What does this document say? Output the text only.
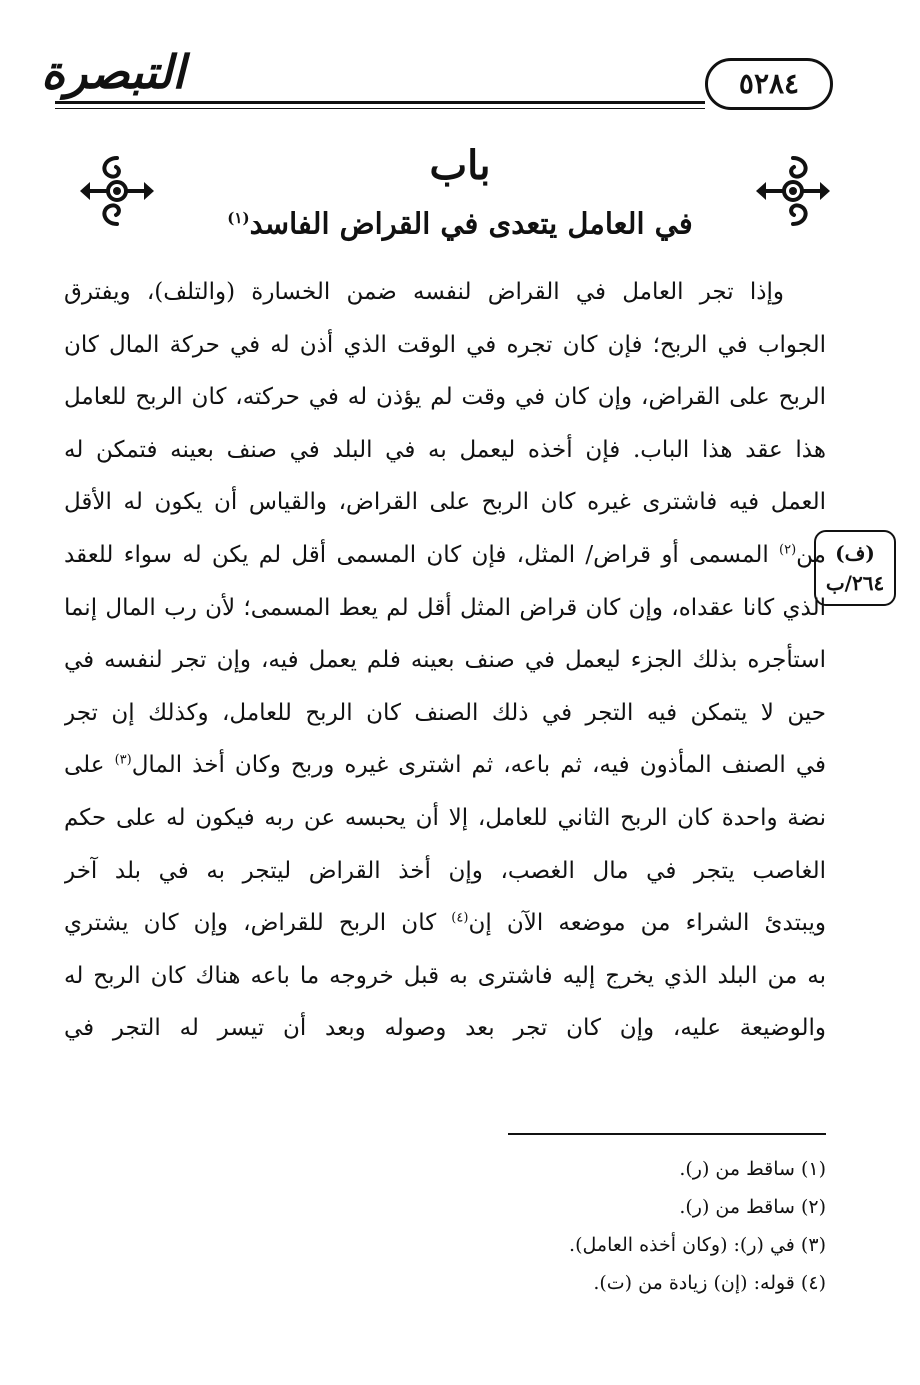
التبصرة	٥٢٨٤
باب
في العامل يتعدى في القراض الفاسد$^{(١)}$
وإذا تجر العامل في القراض لنفسه ضمن الخسارة (والتلف)، ويفترق
الجواب في الربح؛ فإن كان تجره في الوقت الذي أذن له في حركة المال كان
الربح على القراض، وإن كان في وقت لم يؤذن له في حركته، كان الربح للعامل
هذا عقد هذا الباب. فإن أخذه ليعمل به في البلد في صنف بعينه فتمكن له
العمل فيه فاشترى غيره كان الربح على القراض، والقياس أن يكون له الأقل
من$^{(٢)}$ المسمى أو قراض/ المثل، فإن كان المسمى أقل لم يكن له سواء للعقد
الذي كانا عقداه، وإن كان قراض المثل أقل لم يعط المسمى؛ لأن رب المال إنما
استأجره بذلك الجزء ليعمل في صنف بعينه فلم يعمل فيه، وإن تجر لنفسه في
حين لا يتمكن فيه التجر في ذلك الصنف كان الربح للعامل، وكذلك إن تجر
في الصنف المأذون فيه، ثم باعه، ثم اشترى غيره وربح وكان أخذ المال$^{(٣)}$ على
نضة واحدة كان الربح الثاني للعامل، إلا أن يحبسه عن ربه فيكون له على حكم
الغاصب يتجر في مال الغصب، وإن أخذ القراض ليتجر به في بلد آخر
ويبتدئ الشراء من موضعه الآن إن$^{(٤)}$ كان الربح للقراض، وإن كان يشتري
به من البلد الذي يخرج إليه فاشترى به قبل خروجه ما باعه هناك كان الربح له
والوضيعة عليه، وإن كان تجر بعد وصوله وبعد أن تيسر له التجر في
(ف)
٢٦٤/ب
(١) ساقط من (ر).
(٢) ساقط من (ر).
(٣) في (ر): (وكان أخذه العامل).
(٤) قوله: (إن) زيادة من (ت).
